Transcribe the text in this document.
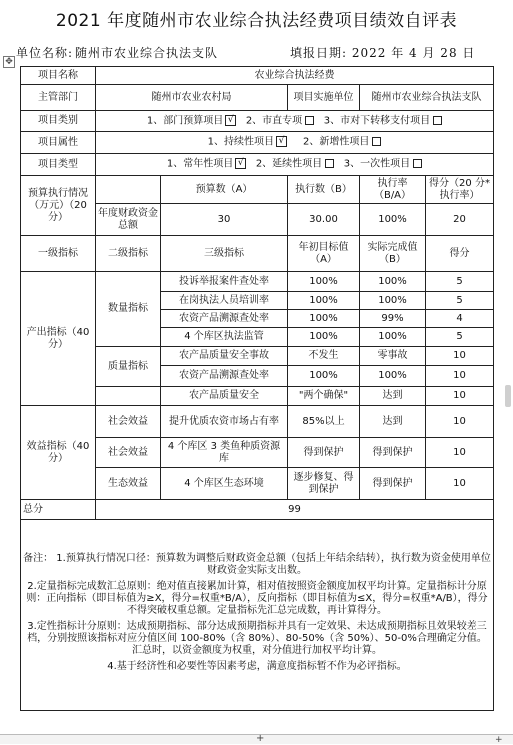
2021 年度随州市农业综合执法经费项目绩效自评表
单位名称: 随州市农业综合执法支队	填报日期: 2022 年 4 月 28 日
✥
项目名称	农业综合执法经费				
主管部门	随州市农业农村局		项目实施单位	随州市农业综合执法支队	
项目类别	1、部门预算项目 √ 2、市直专项 3、市对下转移支付项目				
项目属性	1、持续性项目 √ 2、新增性项目				
项目类型	1、常年性项目 √ 2、延续性项目 3、一次性项目				
预算执行情况（万元）（20 分）		预算数（A）	执行数（B）	执行率（B/A）	得分（20 分*执行率）
	年度财政资金总额	30	30.00	100%	20
一级指标	二级指标	三级指标	年初目标值（A）	实际完成值（B）	得分
产出指标（40 分）	数量指标	投诉举报案件查处率	100%	100%	5
		在岗执法人员培训率	100%	100%	5
		农资产品溯源查处率	100%	99%	4
		4 个库区执法监管	100%	100%	5
	质量指标	农产品质量安全事故	不发生	零事故	10
		农资产品溯源查处率	100%	100%	10
		农产品质量安全	"两个确保"	达到	10
效益指标（40 分）	社会效益	提升优质农资市场占有率	85%以上	达到	10
	社会效益	4 个库区 3 类鱼种质资源库	得到保护	得到保护	10
	生态效益	4 个库区生态环境	逐步修复、得到保护	得到保护	10
总分	99				

备注： 1.预算执行情况口径：预算数为调整后财政资金总额（包括上年结余结转），执行数为资金使用单位财政资金实际支出数。

2.定量指标完成数汇总原则：绝对值直接累加计算，相对值按照资金额度加权平均计算。定量指标计分原则：正向指标（即目标值为≥X，得分=权重*B/A），反向指标（即目标值为≤X，得分=权重*A/B），得分不得突破权重总额。定量指标先汇总完成数，再计算得分。

3.定性指标计分原则：达成预期指标、部分达成预期指标并具有一定效果、未达成预期指标且效果较差三档，分别按照该指标对应分值区间 100-80%（含 80%）、80-50%（含 50%）、50-0%合理确定分值。汇总时，以资金额度为权重，对分值进行加权平均计算。

4.基于经济性和必要性等因素考虑，满意度指标暂不作为必评指标。					

+	+
